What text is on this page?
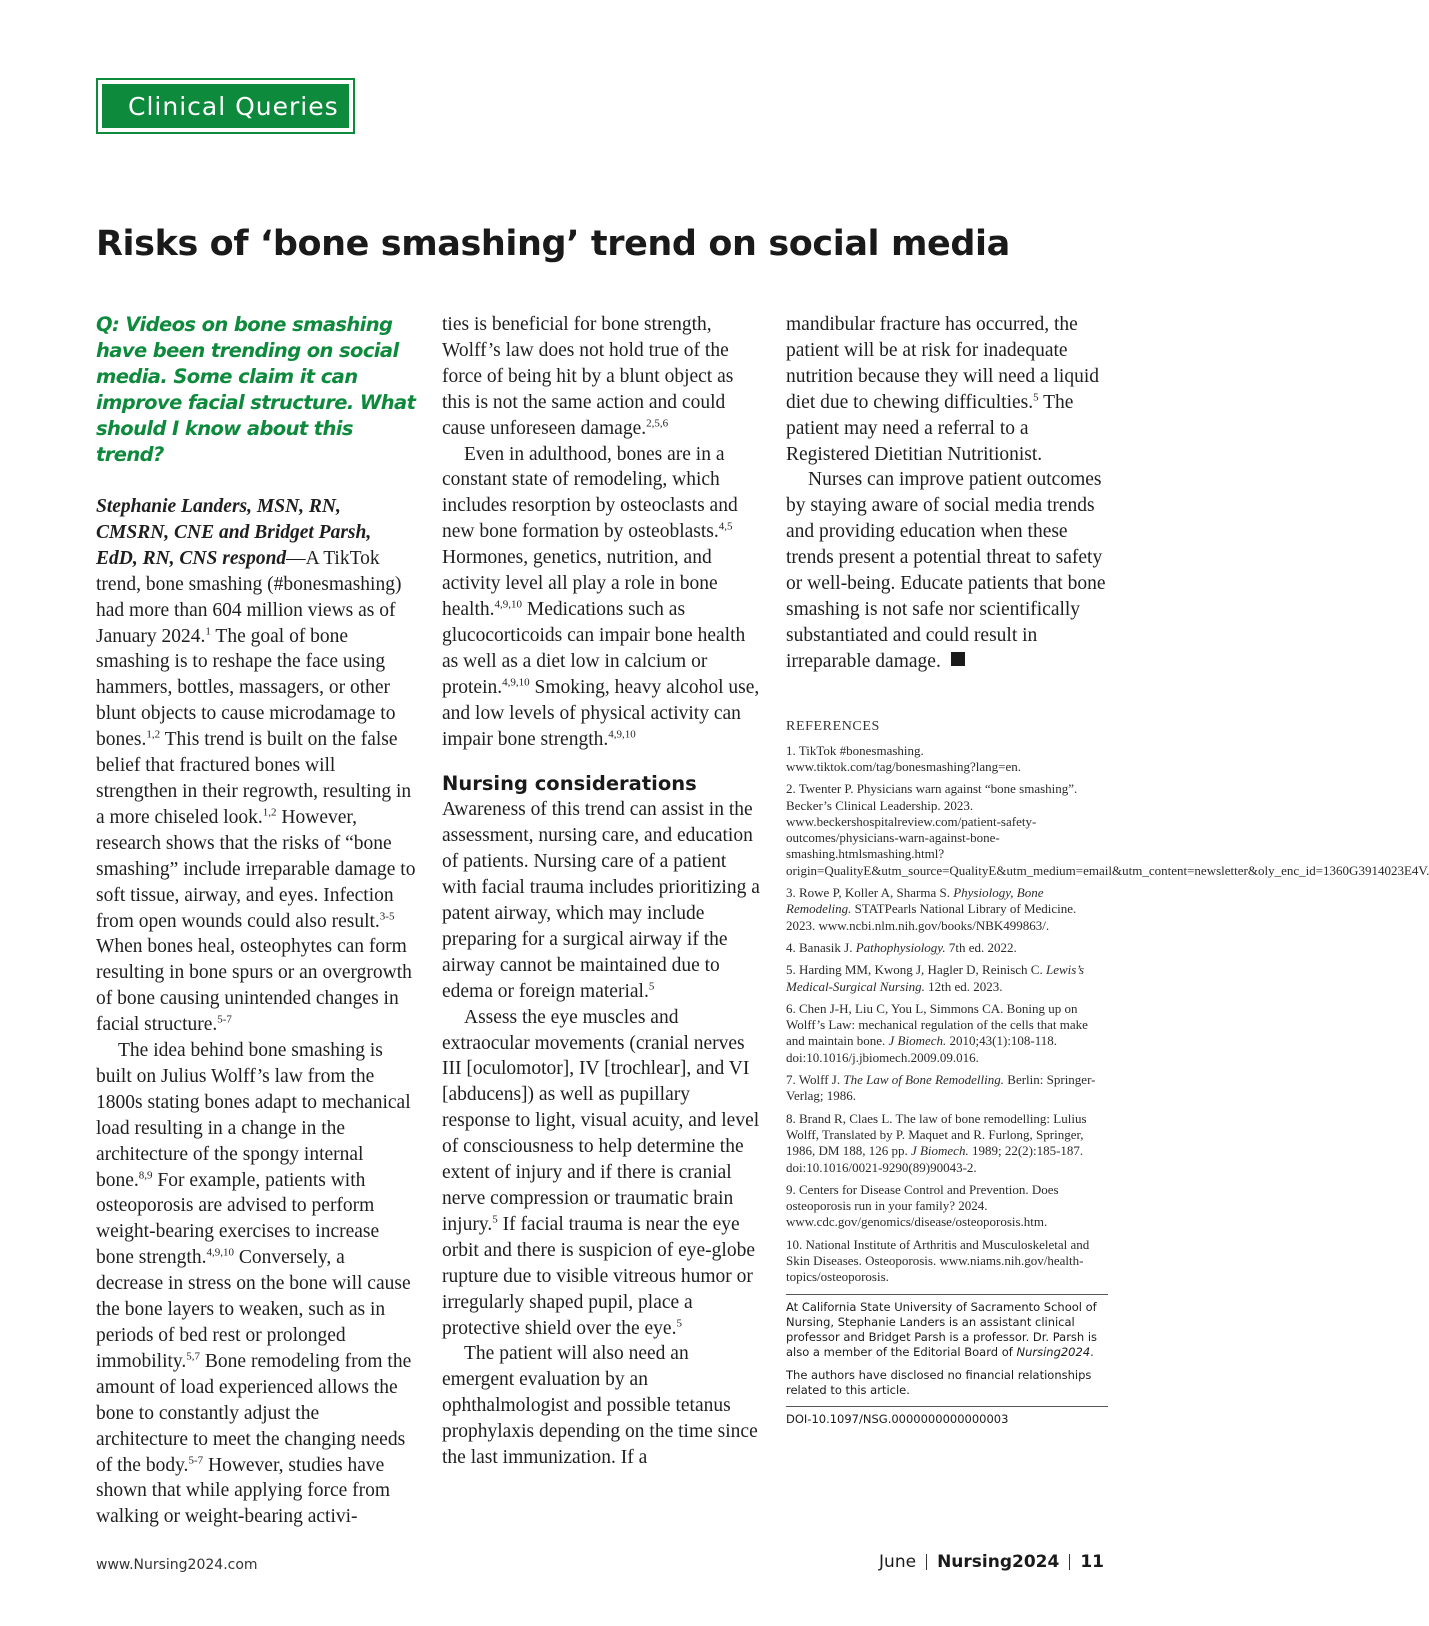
Clinical Queries
Risks of ‘bone smashing’ trend on social media

Q: Videos on bone smashing have been trending on social media. Some claim it can improve facial structure. What should I know about this trend?

Stephanie Landers, MSN, RN, CMSRN, CNE and Bridget Parsh, EdD, RN, CNS respond—A TikTok trend, bone smashing (#bonesmashing) had more than 604 million views as of January 2024.$^1$ The goal of bone smashing is to reshape the face using hammers, bottles, massagers, or other blunt objects to cause microdamage to bones.$^{1,2}$ This trend is built on the false belief that fractured bones will strengthen in their regrowth, resulting in a more chiseled look.$^{1,2}$ However, research shows that the risks of “bone smashing” include irreparable damage to soft tissue, airway, and eyes. Infection from open wounds could also result.$^{3-5}$ When bones heal, osteophytes can form resulting in bone spurs or an overgrowth of bone causing unintended changes in facial structure.$^{5-7}$
The idea behind bone smashing is built on Julius Wolff’s law from the 1800s stating bones adapt to mechanical load resulting in a change in the architecture of the spongy internal bone.$^{8,9}$ For example, patients with osteoporosis are advised to perform weight-bearing exercises to increase bone strength.$^{4,9,10}$ Conversely, a decrease in stress on the bone will cause the bone layers to weaken, such as in periods of bed rest or prolonged immobility.$^{5,7}$ Bone remodeling from the amount of load experienced allows the bone to constantly adjust the architecture to meet the changing needs of the body.$^{5-7}$ However, studies have shown that while applying force from walking or weight-bearing activi-

ties is beneficial for bone strength, Wolff’s law does not hold true of the force of being hit by a blunt object as this is not the same action and could cause unforeseen damage.$^{2,5,6}$
Even in adulthood, bones are in a constant state of remodeling, which includes resorption by osteoclasts and new bone formation by osteoblasts.$^{4,5}$ Hormones, genetics, nutrition, and activity level all play a role in bone health.$^{4,9,10}$ Medications such as glucocorticoids can impair bone health as well as a diet low in calcium or protein.$^{4,9,10}$ Smoking, heavy alcohol use, and low levels of physical activity can impair bone strength.$^{4,9,10}$

Nursing considerations

Awareness of this trend can assist in the assessment, nursing care, and education of patients. Nursing care of a patient with facial trauma includes prioritizing a patent airway, which may include preparing for a surgical airway if the airway cannot be maintained due to edema or foreign material.$^5$
Assess the eye muscles and extraocular movements (cranial nerves III [oculomotor], IV [trochlear], and VI [abducens]) as well as pupillary response to light, visual acuity, and level of consciousness to help determine the extent of injury and if there is cranial nerve compression or traumatic brain injury.$^5$ If facial trauma is near the eye orbit and there is suspicion of eye-globe rupture due to visible vitreous humor or irregularly shaped pupil, place a protective shield over the eye.$^5$
The patient will also need an emergent evaluation by an ophthalmologist and possible tetanus prophylaxis depending on the time since the last immunization. If a

mandibular fracture has occurred, the patient will be at risk for inadequate nutrition because they will need a liquid diet due to chewing difficulties.$^5$ The patient may need a referral to a Registered Dietitian Nutritionist.
Nurses can improve patient outcomes by staying aware of social media trends and providing education when these trends present a potential threat to safety or well-being. Educate patients that bone smashing is not safe nor scientifically substantiated and could result in irreparable damage.

REFERENCES

1. TikTok #bonesmashing. www.tiktok.com/tag/bonesmashing?lang=en.

2. Twenter P. Physicians warn against “bone smashing”. Becker’s Clinical Leadership. 2023. www.beckershospitalreview.com/patient-safety-outcomes/physicians-warn-against-bone-smashing.htmlsmashing.html?origin=QualityE&utm_source=QualityE&utm_medium=email&utm_content=newsletter&oly_enc_id=1360G3914023E4V.

3. Rowe P, Koller A, Sharma S. Physiology, Bone Remodeling. STATPearls National Library of Medicine. 2023. www.ncbi.nlm.nih.gov/books/NBK499863/.

4. Banasik J. Pathophysiology. 7th ed. 2022.

5. Harding MM, Kwong J, Hagler D, Reinisch C. Lewis’s Medical-Surgical Nursing. 12th ed. 2023.

6. Chen J-H, Liu C, You L, Simmons CA. Boning up on Wolff’s Law: mechanical regulation of the cells that make and maintain bone. J Biomech. 2010;43(1):108-118. doi:10.1016/j.jbiomech.2009.09.016.

7. Wolff J. The Law of Bone Remodelling. Berlin: Springer-Verlag; 1986.

8. Brand R, Claes L. The law of bone remodelling: Lulius Wolff, Translated by P. Maquet and R. Furlong, Springer, 1986, DM 188, 126 pp. J Biomech. 1989; 22(2):185-187. doi:10.1016/0021-9290(89)90043-2.

9. Centers for Disease Control and Prevention. Does osteoporosis run in your family? 2024. www.cdc.gov/genomics/disease/osteoporosis.htm.

10. National Institute of Arthritis and Musculoskeletal and Skin Diseases. Osteoporosis. www.niams.nih.gov/health-topics/osteoporosis.

At California State University of Sacramento School of Nursing, Stephanie Landers is an assistant clinical professor and Bridget Parsh is a professor. Dr. Parsh is also a member of the Editorial Board of Nursing2024.

The authors have disclosed no financial relationships related to this article.

DOI-10.1097/NSG.0000000000000003
www.Nursing2024.com	June Nursing2024 11
